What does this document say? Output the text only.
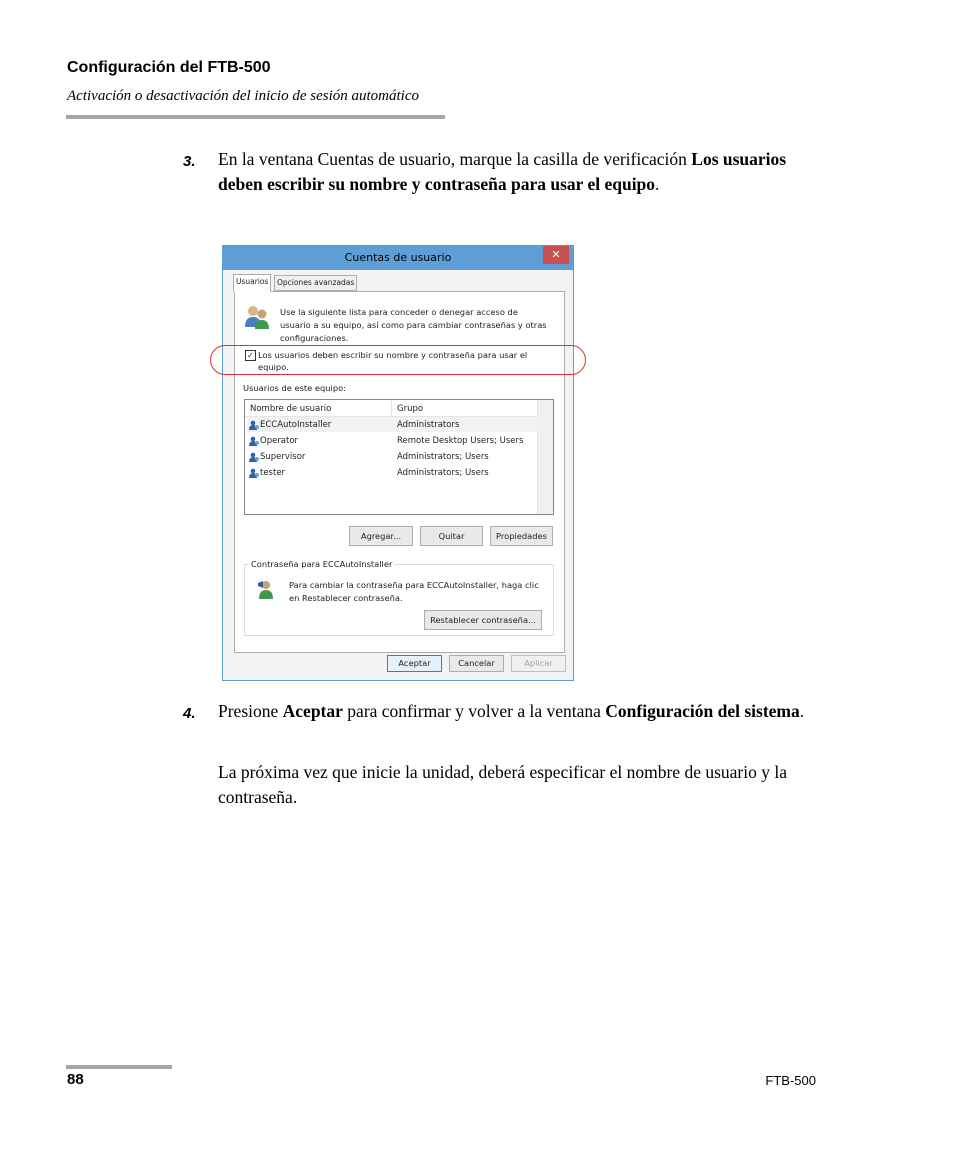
Configuración del FTB-500
Activación o desactivación del inicio de sesión automático
3. En la ventana Cuentas de usuario, marque la casilla de verificación Los usuarios deben escribir su nombre y contraseña para usar el equipo.
Cuentas de usuario	✕
Usuarios	Opciones avanzadas
Use la siguiente lista para conceder o denegar acceso de usuario a su equipo, así como para cambiar contraseñas y otras configuraciones.
✓ Los usuarios deben escribir su nombre y contraseña para usar el equipo.
Usuarios de este equipo:
Nombre de usuario	Grupo
ECCAutoInstaller	Administrators
Operator	Remote Desktop Users; Users
Supervisor	Administrators; Users
tester	Administrators; Users
Agregar...	Quitar	Propiedades
Contraseña para ECCAutoInstaller
Para cambiar la contraseña para ECCAutoInstaller, haga clic en Restablecer contraseña.
Restablecer contraseña...
Aceptar	Cancelar	Aplicar
4. Presione Aceptar para confirmar y volver a la ventana Configuración del sistema.
La próxima vez que inicie la unidad, deberá especificar el nombre de usuario y la contraseña.
88	FTB-500
